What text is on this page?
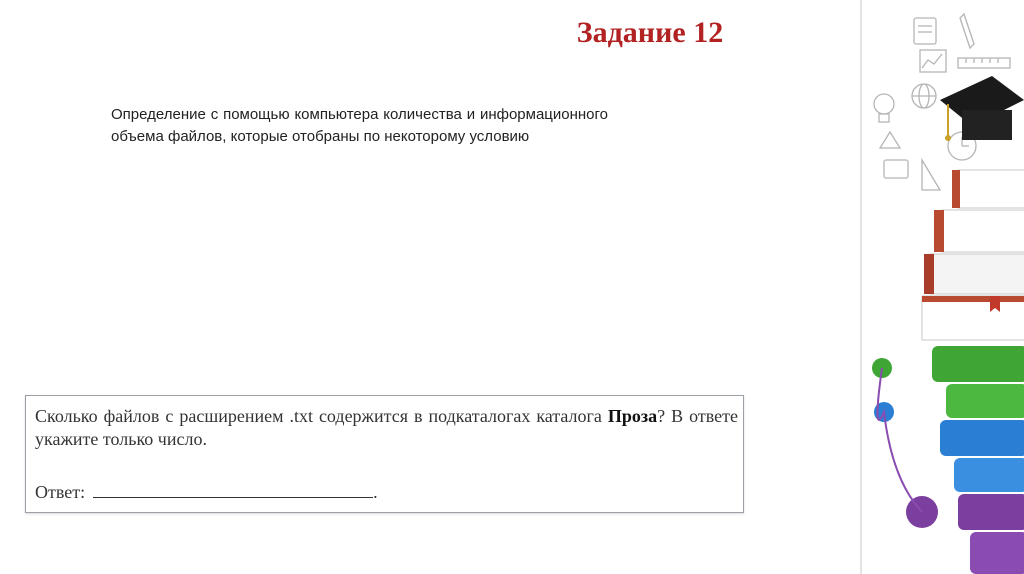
Задание 12
Определение с помощью компьютера количества и информационного объема файлов, которые отобраны по некоторому условию
Сколько файлов с расширением .txt содержится в подкаталогах каталога Проза? В ответе укажите только число.
Ответ:	.
